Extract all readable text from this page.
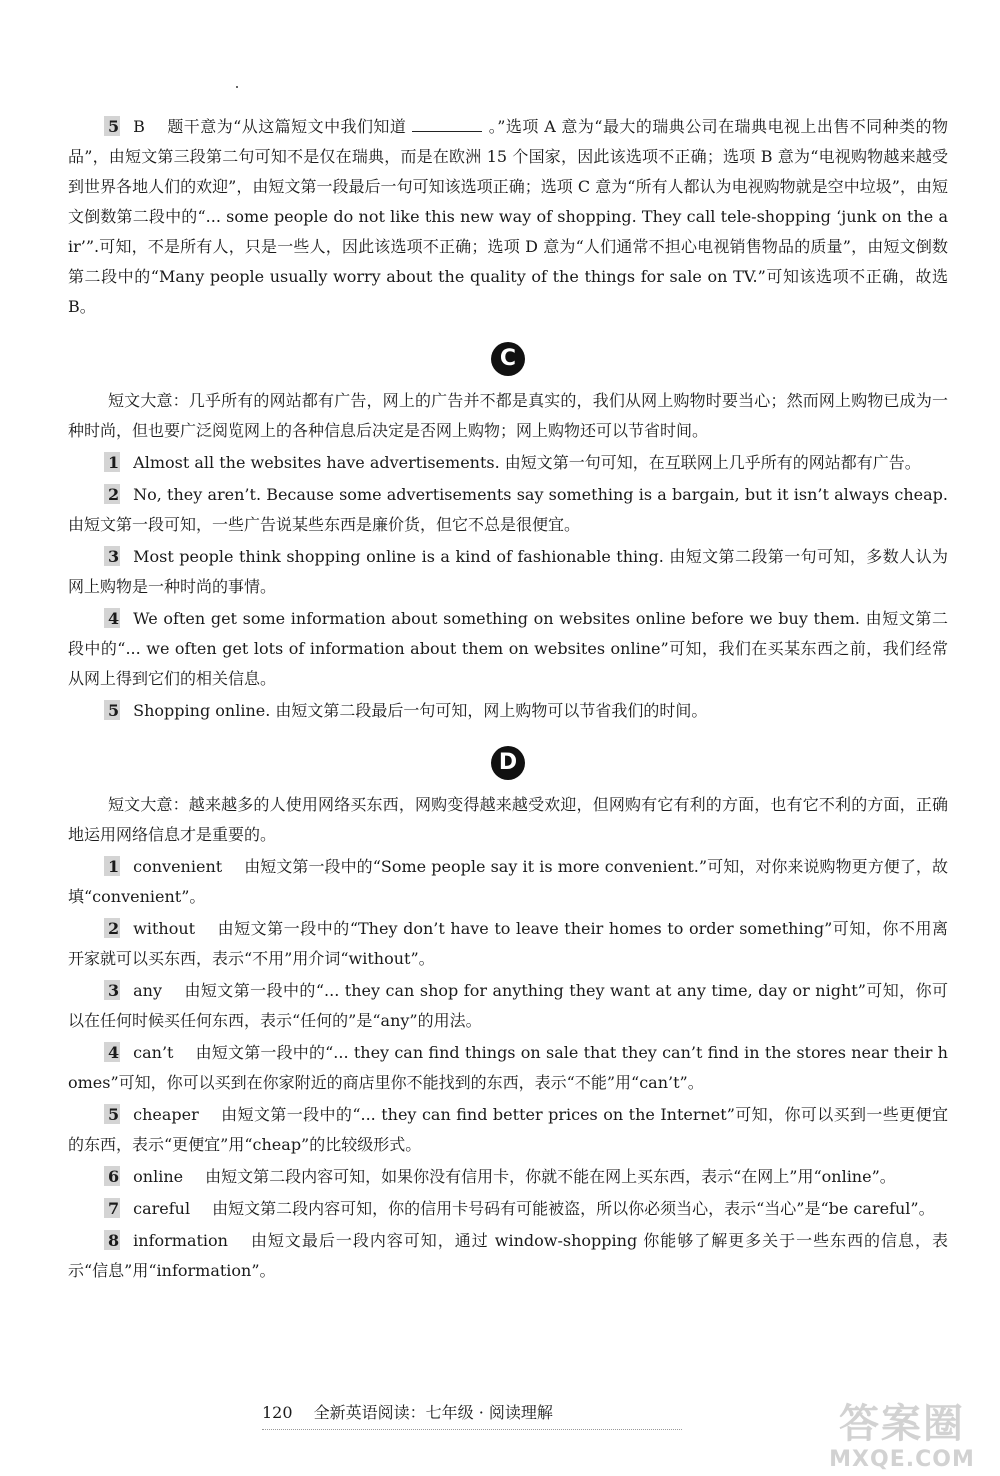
5 B 题干意为“从这篇短文中我们知道	。”选项 A 意为“最大的瑞典公司在瑞典电视上出售不同种类的物品”，由短文第三段第二句可知不是仅在瑞典，而是在欧洲 15 个国家，因此该选项不正确；选项 B 意为“电视购物越来越受到世界各地人们的欢迎”，由短文第一段最后一句可知该选项正确；选项 C 意为“所有人都认为电视购物就是空中垃圾”，由短文倒数第二段中的“... some people do not like this new way of shopping. They call tele-shopping ‘junk on the air’”.可知，不是所有人，只是一些人，因此该选项不正确；选项 D 意为“人们通常不担心电视销售物品的质量”，由短文倒数第二段中的“Many people usually worry about the quality of the things for sale on TV.”可知该选项不正确，故选 B。

C

短文大意：几乎所有的网站都有广告，网上的广告并不都是真实的，我们从网上购物时要当心；然而网上购物已成为一种时尚，但也要广泛阅览网上的各种信息后决定是否网上购物；网上购物还可以节省时间。

1 Almost all the websites have advertisements. 由短文第一句可知，在互联网上几乎所有的网站都有广告。

2 No, they aren’t. Because some advertisements say something is a bargain, but it isn’t always cheap. 由短文第一段可知，一些广告说某些东西是廉价货，但它不总是很便宜。

3 Most people think shopping online is a kind of fashionable thing. 由短文第二段第一句可知，多数人认为网上购物是一种时尚的事情。

4 We often get some information about something on websites online before we buy them. 由短文第二段中的“... we often get lots of information about them on websites online”可知，我们在买某东西之前，我们经常从网上得到它们的相关信息。

5 Shopping online. 由短文第二段最后一句可知，网上购物可以节省我们的时间。

D

短文大意：越来越多的人使用网络买东西，网购变得越来越受欢迎，但网购有它有利的方面，也有它不利的方面，正确地运用网络信息才是重要的。

1 convenient 由短文第一段中的“Some people say it is more convenient.”可知，对你来说购物更方便了，故填“convenient”。

2 without 由短文第一段中的“They don’t have to leave their homes to order something”可知，你不用离开家就可以买东西，表示“不用”用介词“without”。

3 any 由短文第一段中的“... they can shop for anything they want at any time, day or night”可知，你可以在任何时候买任何东西，表示“任何的”是“any”的用法。

4 can’t 由短文第一段中的“... they can find things on sale that they can’t find in the stores near their homes”可知，你可以买到在你家附近的商店里你不能找到的东西，表示“不能”用“can’t”。

5 cheaper 由短文第一段中的“... they can find better prices on the Internet”可知，你可以买到一些更便宜的东西，表示“更便宜”用“cheap”的比较级形式。

6 online 由短文第二段内容可知，如果你没有信用卡，你就不能在网上买东西，表示“在网上”用“online”。

7 careful 由短文第二段内容可知，你的信用卡号码有可能被盗，所以你必须当心，表示“当心”是“be careful”。

8 information 由短文最后一段内容可知，通过 window-shopping 你能够了解更多关于一些东西的信息，表示“信息”用“information”。

120 全新英语阅读：七年级 · 阅读理解	答案圈
MXQE.COM
